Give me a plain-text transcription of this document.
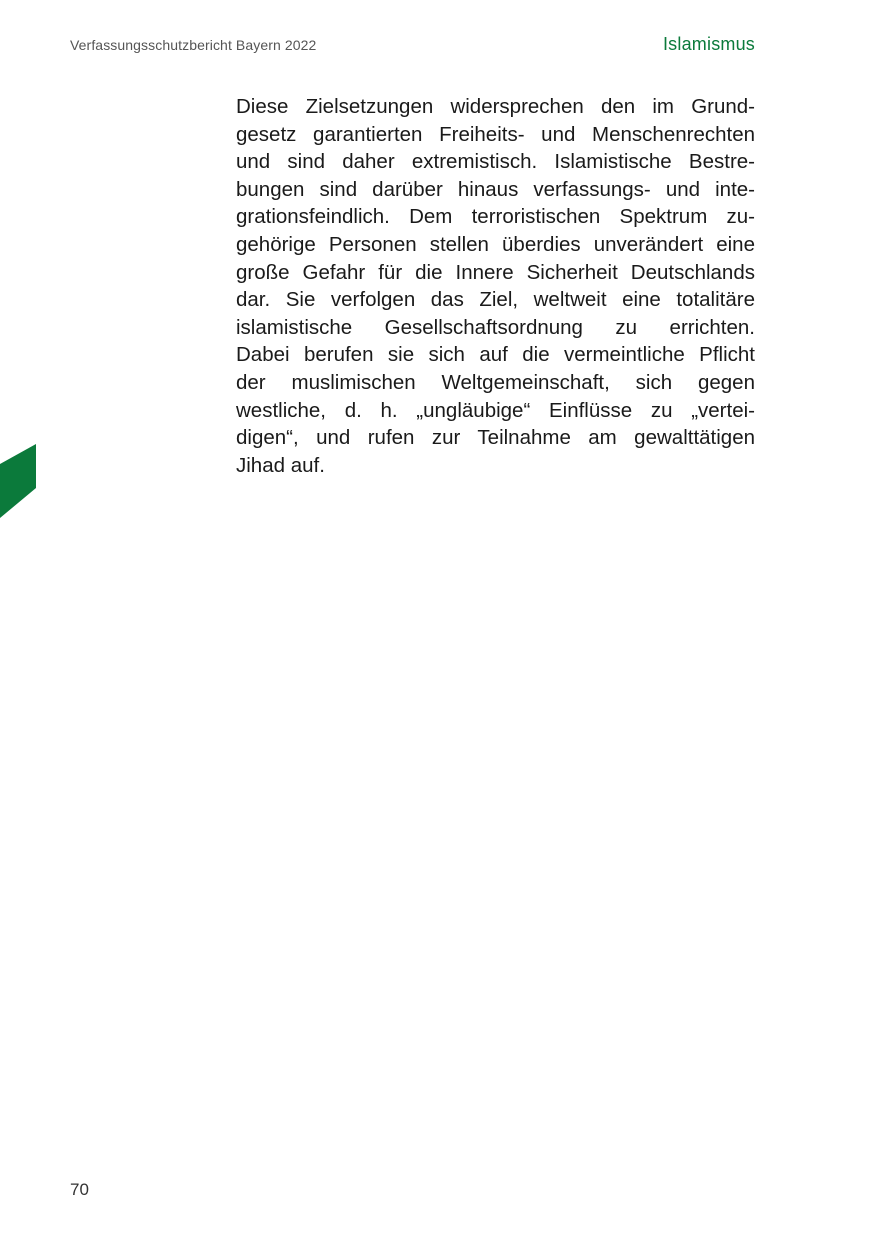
Verfassungsschutzbericht Bayern 2022	Islamismus
Diese Zielsetzungen widersprechen den im Grund-
gesetz garantierten Freiheits- und Menschenrechten
und sind daher extremistisch. Islamistische Bestre-
bungen sind darüber hinaus verfassungs- und inte-
grationsfeindlich. Dem terroristischen Spektrum zu-
gehörige Personen stellen überdies unverändert eine
große Gefahr für die Innere Sicherheit Deutschlands
dar. Sie verfolgen das Ziel, weltweit eine totalitäre
islamistische Gesellschaftsordnung zu errichten.
Dabei berufen sie sich auf die vermeintliche Pflicht
der muslimischen Weltgemeinschaft, sich gegen
westliche, d. h. „ungläubige“ Einflüsse zu „vertei-
digen“, und rufen zur Teilnahme am gewalttätigen
Jihad auf.
70
